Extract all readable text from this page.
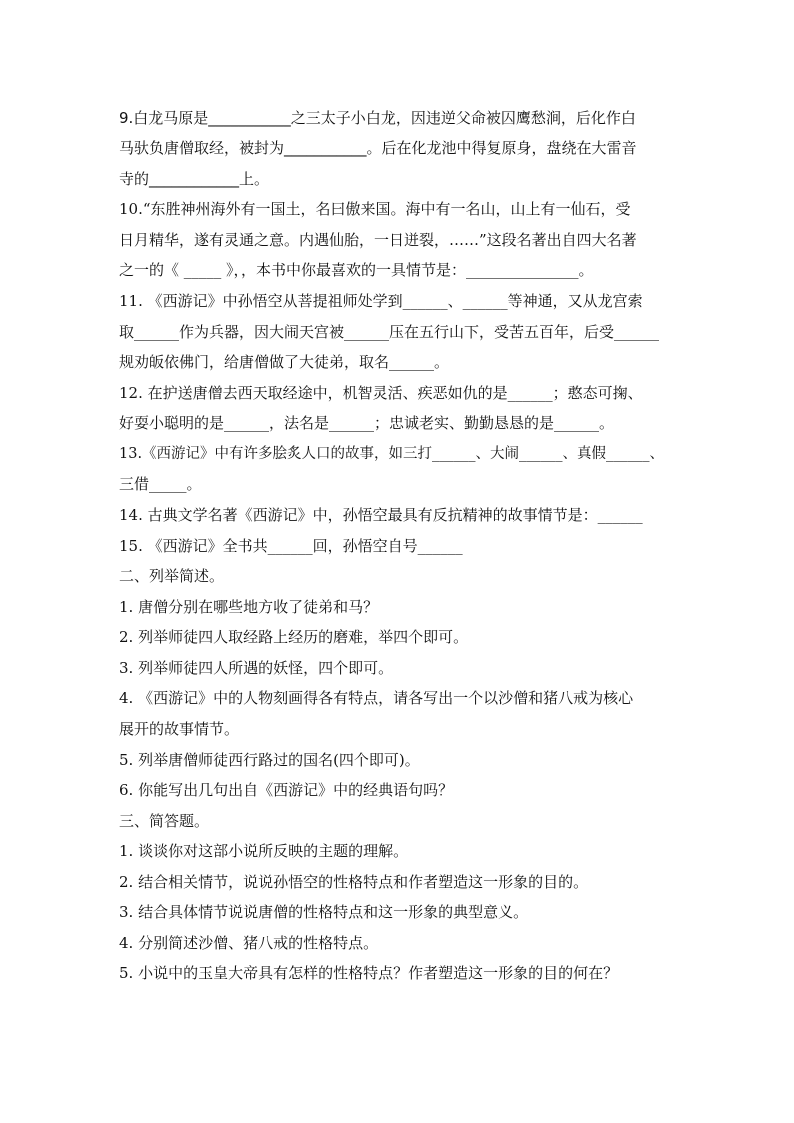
9.白龙马原是___________之三太子小白龙，因违逆父命被囚鹰愁涧，后化作白
马驮负唐僧取经，被封为___________。后在化龙池中得复原身，盘绕在大雷音
寺的____________上。
10.“东胜神州海外有一国土，名曰傲来国。海中有一名山，山上有一仙石，受
日月精华，遂有灵通之意。内遇仙胎，一日迸裂，……”这段名著出自四大名著
之一的《 _____ 》，，本书中你最喜欢的一具情节是：_______________。
11. 《西游记》中孙悟空从菩提祖师处学到______、______等神通，又从龙宫索
取______作为兵器，因大闹天宫被______压在五行山下，受苦五百年，后受______
规劝皈依佛门，给唐僧做了大徒弟，取名______。
12. 在护送唐僧去西天取经途中，机智灵活、疾恶如仇的是______；憨态可掬、
好耍小聪明的是______，法名是______；忠诚老实、勤勤恳恳的是______。
13.《西游记》中有许多脍炙人口的故事，如三打______、大闹______、真假______、
三借_____。
14. 古典文学名著《西游记》中，孙悟空最具有反抗精神的故事情节是：______
15. 《西游记》全书共______回，孙悟空自号______
二、列举简述。
1. 唐僧分别在哪些地方收了徒弟和马？
2. 列举师徒四人取经路上经历的磨难，举四个即可。
3. 列举师徒四人所遇的妖怪，四个即可。
4. 《西游记》中的人物刻画得各有特点，请各写出一个以沙僧和猪八戒为核心
展开的故事情节。
5. 列举唐僧师徒西行路过的国名(四个即可)。
6. 你能写出几句出自《西游记》中的经典语句吗？
三、简答题。
1. 谈谈你对这部小说所反映的主题的理解。
2. 结合相关情节，说说孙悟空的性格特点和作者塑造这一形象的目的。
3. 结合具体情节说说唐僧的性格特点和这一形象的典型意义。
4. 分别简述沙僧、猪八戒的性格特点。
5. 小说中的玉皇大帝具有怎样的性格特点？作者塑造这一形象的目的何在？
